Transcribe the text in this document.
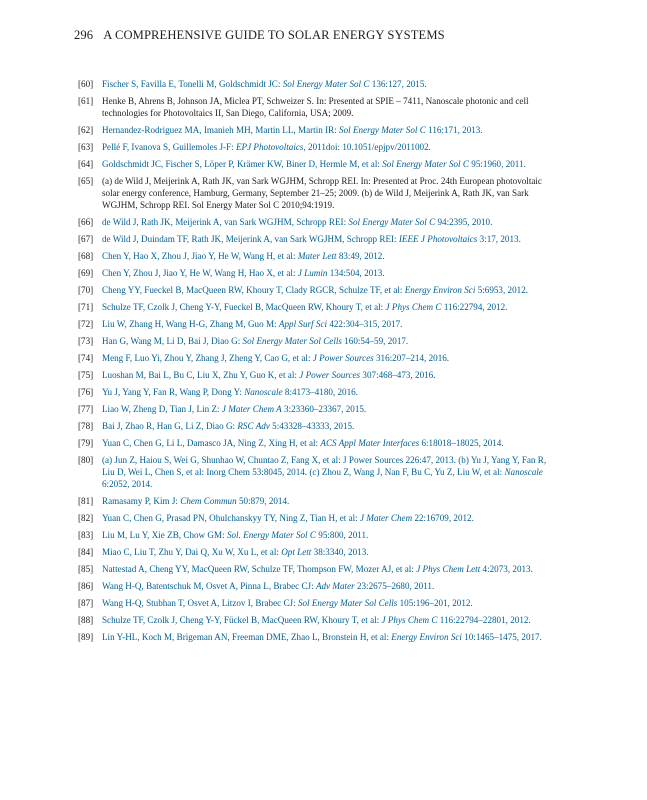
296 A COMPREHENSIVE GUIDE TO SOLAR ENERGY SYSTEMS
[60] Fischer S, Favilla E, Tonelli M, Goldschmidt JC: Sol Energy Mater Sol C 136:127, 2015.
[61] Henke B, Ahrens B, Johnson JA, Miclea PT, Schweizer S. In: Presented at SPIE – 7411, Nanoscale photonic and cell technologies for Photovoltaics II, San Diego, California, USA; 2009.
[62] Hernandez-Rodriguez MA, Imanieh MH, Martin LL, Martin IR: Sol Energy Mater Sol C 116:171, 2013.
[63] Pellé F, Ivanova S, Guillemoles J-F: EPJ Photovoltaics, 2011doi: 10.1051/epjpv/2011002.
[64] Goldschmidt JC, Fischer S, Löper P, Krämer KW, Biner D, Hermle M, et al: Sol Energy Mater Sol C 95:1960, 2011.
[65] (a) de Wild J, Meijerink A, Rath JK, van Sark WGJHM, Schropp REI. In: Presented at Proc. 24th European photovoltaic solar energy conference, Hamburg, Germany, September 21–25; 2009. (b) de Wild J, Meijerink A, Rath JK, van Sark WGJHM, Schropp REI. Sol Energy Mater Sol C 2010;94:1919.
[66] de Wild J, Rath JK, Meijerink A, van Sark WGJHM, Schropp REI: Sol Energy Mater Sol C 94:2395, 2010.
[67] de Wild J, Duindam TF, Rath JK, Meijerink A, van Sark WGJHM, Schropp REI: IEEE J Photovoltaics 3:17, 2013.
[68] Chen Y, Hao X, Zhou J, Jiao Y, He W, Wang H, et al: Mater Lett 83:49, 2012.
[69] Chen Y, Zhou J, Jiao Y, He W, Wang H, Hao X, et al: J Lumin 134:504, 2013.
[70] Cheng YY, Fueckel B, MacQueen RW, Khoury T, Clady RGCR, Schulze TF, et al: Energy Environ Sci 5:6953, 2012.
[71] Schulze TF, Czolk J, Cheng Y-Y, Fueckel B, MacQueen RW, Khoury T, et al: J Phys Chem C 116:22794, 2012.
[72] Liu W, Zhang H, Wang H-G, Zhang M, Guo M: Appl Surf Sci 422:304–315, 2017.
[73] Han G, Wang M, Li D, Bai J, Diao G: Sol Energy Mater Sol Cells 160:54–59, 2017.
[74] Meng F, Luo Yi, Zhou Y, Zhang J, Zheng Y, Cao G, et al: J Power Sources 316:207–214, 2016.
[75] Luoshan M, Bai L, Bu C, Liu X, Zhu Y, Guo K, et al: J Power Sources 307:468–473, 2016.
[76] Yu J, Yang Y, Fan R, Wang P, Dong Y: Nanoscale 8:4173–4180, 2016.
[77] Liao W, Zheng D, Tian J, Lin Z: J Mater Chem A 3:23360–23367, 2015.
[78] Bai J, Zhao R, Han G, Li Z, Diao G: RSC Adv 5:43328–43333, 2015.
[79] Yuan C, Chen G, Li L, Damasco JA, Ning Z, Xing H, et al: ACS Appl Mater Interfaces 6:18018–18025, 2014.
[80] (a) Jun Z, Haiou S, Wei G, Shunhao W, Chuntao Z, Fang X, et al: J Power Sources 226:47, 2013. (b) Yu J, Yang Y, Fan R, Liu D, Wei L, Chen S, et al: Inorg Chem 53:8045, 2014. (c) Zhou Z, Wang J, Nan F, Bu C, Yu Z, Liu W, et al: Nanoscale 6:2052, 2014.
[81] Ramasamy P, Kim J: Chem Commun 50:879, 2014.
[82] Yuan C, Chen G, Prasad PN, Ohulchanskyy TY, Ning Z, Tian H, et al: J Mater Chem 22:16709, 2012.
[83] Liu M, Lu Y, Xie ZB, Chow GM: Sol. Energy Mater Sol C 95:800, 2011.
[84] Miao C, Liu T, Zhu Y, Dai Q, Xu W, Xu L, et al: Opt Lett 38:3340, 2013.
[85] Nattestad A, Cheng YY, MacQueen RW, Schulze TF, Thompson FW, Mozer AJ, et al: J Phys Chem Lett 4:2073, 2013.
[86] Wang H-Q, Batentschuk M, Osvet A, Pinna L, Brabec CJ: Adv Mater 23:2675–2680, 2011.
[87] Wang H-Q, Stubhan T, Osvet A, Litzov I, Brabec CJ: Sol Energy Mater Sol Cells 105:196–201, 2012.
[88] Schulze TF, Czolk J, Cheng Y-Y, Fückel B, MacQueen RW, Khoury T, et al: J Phys Chem C 116:22794–22801, 2012.
[89] Lin Y-HL, Koch M, Brigeman AN, Freeman DME, Zhao L, Bronstein H, et al: Energy Environ Sci 10:1465–1475, 2017.
